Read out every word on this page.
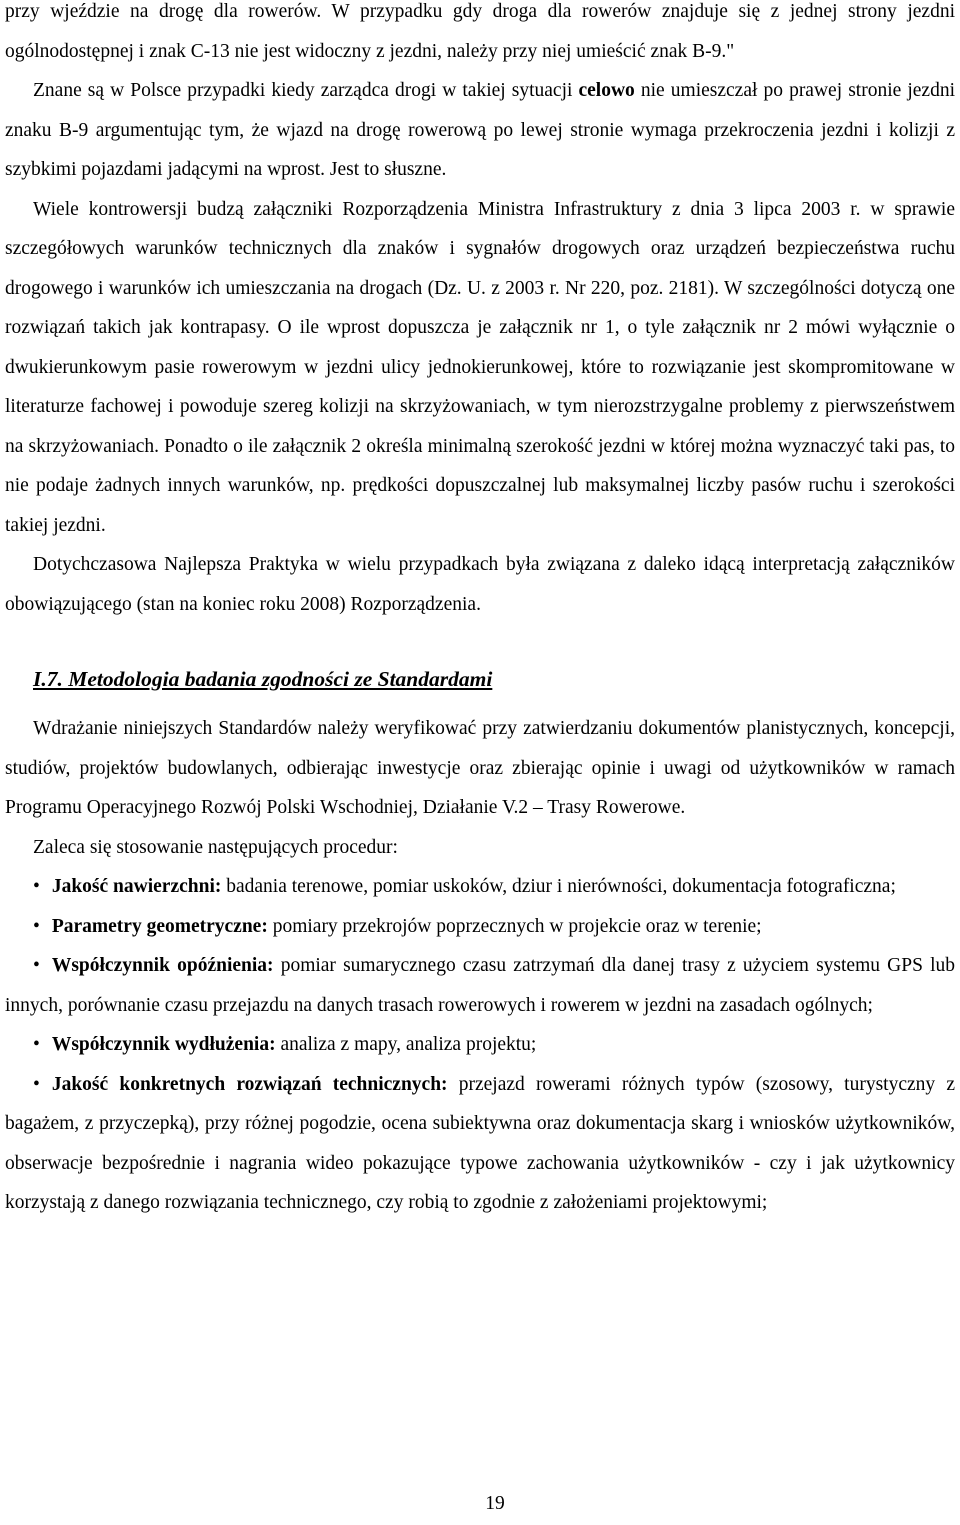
przy wjeździe na drogę dla rowerów. W przypadku gdy droga dla rowerów znajduje się z jednej strony jezdni ogólnodostępnej i znak C-13 nie jest widoczny z jezdni, należy przy niej umieścić znak B-9."

Znane są w Polsce przypadki kiedy zarządca drogi w takiej sytuacji celowo nie umieszczał po prawej stronie jezdni znaku B-9 argumentując tym, że wjazd na drogę rowerową po lewej stronie wymaga przekroczenia jezdni i kolizji z szybkimi pojazdami jadącymi na wprost. Jest to słuszne.

Wiele kontrowersji budzą załączniki Rozporządzenia Ministra Infrastruktury z dnia 3 lipca 2003 r. w sprawie szczegółowych warunków technicznych dla znaków i sygnałów drogowych oraz urządzeń bezpieczeństwa ruchu drogowego i warunków ich umieszczania na drogach (Dz. U. z 2003 r. Nr 220, poz. 2181). W szczególności dotyczą one rozwiązań takich jak kontrapasy. O ile wprost dopuszcza je załącznik nr 1, o tyle załącznik nr 2 mówi wyłącznie o dwukierunkowym pasie rowerowym w jezdni ulicy jednokierunkowej, które to rozwiązanie jest skompromitowane w literaturze fachowej i powoduje szereg kolizji na skrzyżowaniach, w tym nierozstrzygalne problemy z pierwszeństwem na skrzyżowaniach. Ponadto o ile załącznik 2 określa minimalną szerokość jezdni w której można wyznaczyć taki pas, to nie podaje żadnych innych warunków, np. prędkości dopuszczalnej lub maksymalnej liczby pasów ruchu i szerokości takiej jezdni.

Dotychczasowa Najlepsza Praktyka w wielu przypadkach była związana z daleko idącą interpretacją załączników obowiązującego (stan na koniec roku 2008) Rozporządzenia.

I.7. Metodologia badania zgodności ze Standardami

Wdrażanie niniejszych Standardów należy weryfikować przy zatwierdzaniu dokumentów planistycznych, koncepcji, studiów, projektów budowlanych, odbierając inwestycje oraz zbierając opinie i uwagi od użytkowników w ramach Programu Operacyjnego Rozwój Polski Wschodniej, Działanie V.2 – Trasy Rowerowe.

Zaleca się stosowanie następujących procedur:

• Jakość nawierzchni: badania terenowe, pomiar uskoków, dziur i nierówności, dokumentacja fotograficzna;

• Parametry geometryczne: pomiary przekrojów poprzecznych w projekcie oraz w terenie;

• Współczynnik opóźnienia: pomiar sumarycznego czasu zatrzymań dla danej trasy z użyciem systemu GPS lub innych, porównanie czasu przejazdu na danych trasach rowerowych i rowerem w jezdni na zasadach ogólnych;

• Współczynnik wydłużenia: analiza z mapy, analiza projektu;

• Jakość konkretnych rozwiązań technicznych: przejazd rowerami różnych typów (szosowy, turystyczny z bagażem, z przyczepką), przy różnej pogodzie, ocena subiektywna oraz dokumentacja skarg i wniosków użytkowników, obserwacje bezpośrednie i nagrania wideo pokazujące typowe zachowania użytkowników - czy i jak użytkownicy korzystają z danego rozwiązania technicznego, czy robią to zgodnie z założeniami projektowymi;

19
